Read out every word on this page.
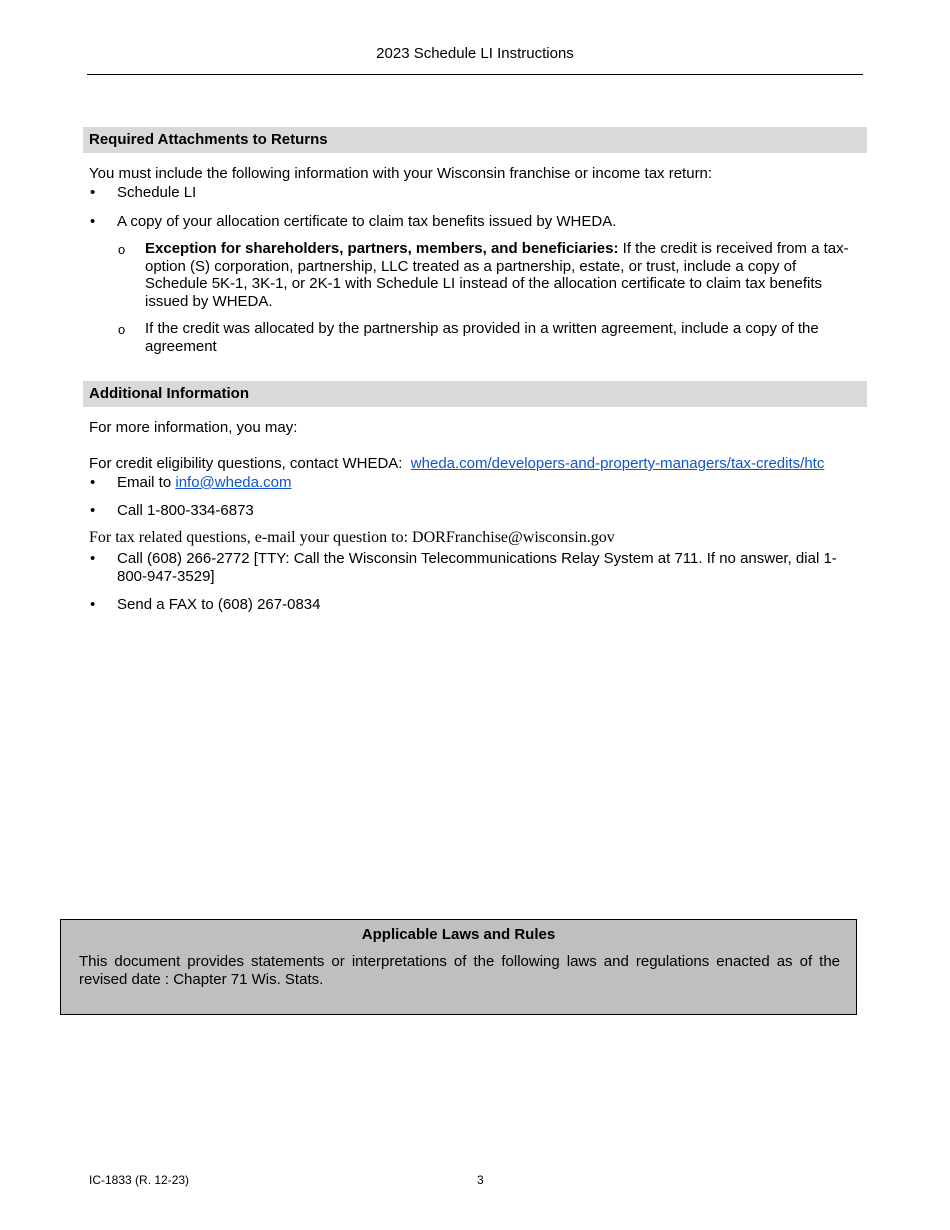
2023 Schedule LI Instructions
Required Attachments to Returns
You must include the following information with your Wisconsin franchise or income tax return:
• Schedule LI
• A copy of your allocation certificate to claim tax benefits issued by WHEDA.
o Exception for shareholders, partners, members, and beneficiaries: If the credit is received from a tax-option (S) corporation, partnership, LLC treated as a partnership, estate, or trust, include a copy of Schedule 5K-1, 3K-1, or 2K-1 with Schedule LI instead of the allocation certificate to claim tax benefits issued by WHEDA.
o If the credit was allocated by the partnership as provided in a written agreement, include a copy of the agreement
Additional Information
For more information, you may:
For credit eligibility questions, contact WHEDA: wheda.com/developers-and-property-managers/tax-credits/htc
• Email to info@wheda.com
• Call 1-800-334-6873
For tax related questions, e-mail your question to: DORFranchise@wisconsin.gov
• Call (608) 266-2772 [TTY: Call the Wisconsin Telecommunications Relay System at 711. If no answer, dial 1-800-947-3529]
• Send a FAX to (608) 267-0834
Applicable Laws and Rules
This document provides statements or interpretations of the following laws and regulations enacted as of the revised date : Chapter 71 Wis. Stats.
IC-1833 (R. 12-23)	3
